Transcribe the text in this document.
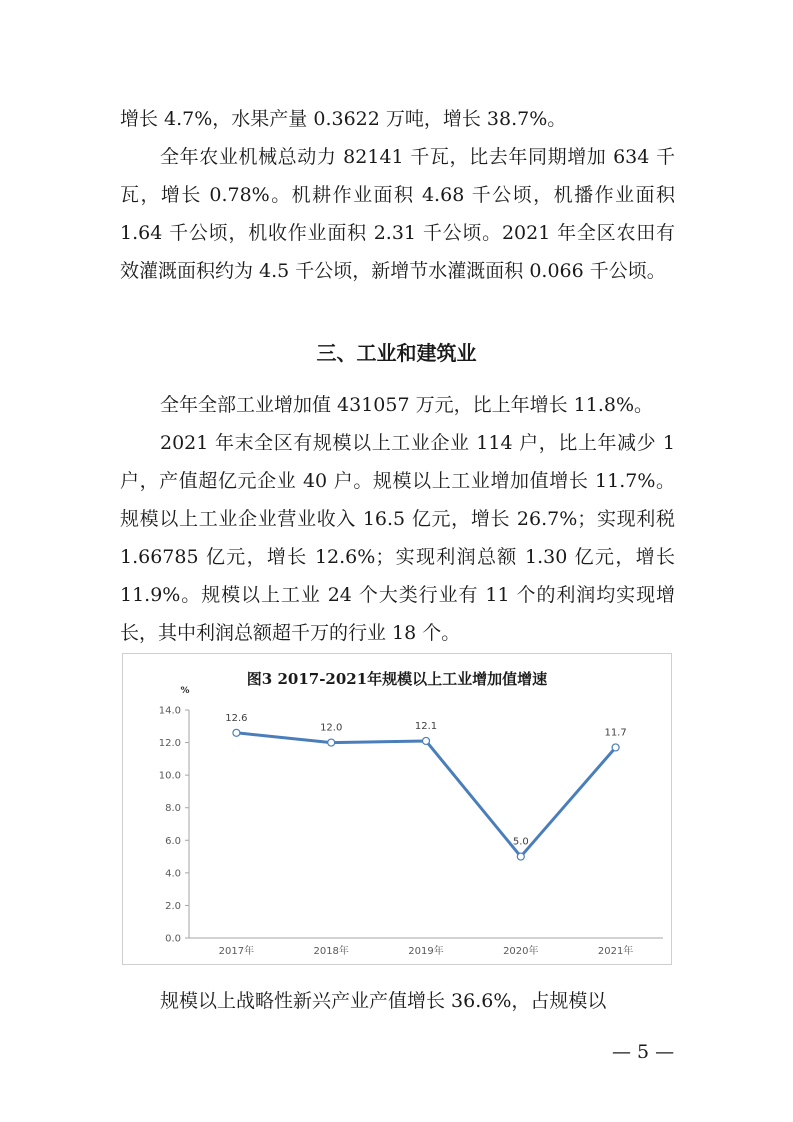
增长 4.7%，水果产量 0.3622 万吨，增长 38.7%。

全年农业机械总动力 82141 千瓦，比去年同期增加 634 千瓦，增长 0.78%。机耕作业面积 4.68 千公顷，机播作业面积 1.64 千公顷，机收作业面积 2.31 千公顷。2021 年全区农田有效灌溉面积约为 4.5 千公顷，新增节水灌溉面积 0.066 千公顷。

三、工业和建筑业

全年全部工业增加值 431057 万元，比上年增长 11.8%。

2021 年末全区有规模以上工业企业 114 户，比上年减少 1 户，产值超亿元企业 40 户。规模以上工业增加值增长 11.7%。规模以上工业企业营业收入 16.5 亿元，增长 26.7%；实现利税 1.66785 亿元，增长 12.6%；实现利润总额 1.30 亿元，增长 11.9%。规模以上工业 24 个大类行业有 11 个的利润均实现增长，其中利润总额超千万的行业 18 个。

图3 2017-2021年规模以上工业增加值增速
%
0.0
2.0
4.0
6.0
8.0
10.0
12.0
14.0
2017年	2018年	2019年	2020年	2021年
12.6
12.0	12.1
5.0
11.7

规模以上战略性新兴产业产值增长 36.6%，占规模以

— 5 —
